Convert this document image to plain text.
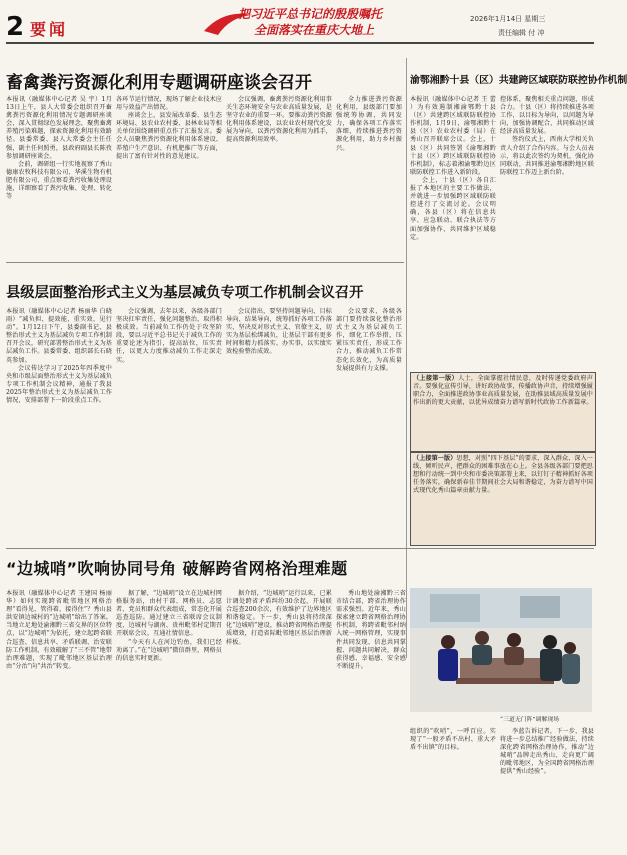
2 要闻
把习近平总书记的殷殷嘱托
全面落实在重庆大地上
2026年1月14日 星期三
责任编辑 付 冲
畜禽粪污资源化利用专题调研座谈会召开

本报讯（融媒体中心记者 吴 宇）1月13日上午，县人大常委会组织召开畜禽粪污资源化利用情况专题调研座谈会，深入贯彻绿色发展理念，聚焦畜禽养殖污染难题，探索资源化利用有效路径。县委常委、县人大常委会主任任强，副主任何照勇，县政府副县长陈孜参加调研座谈会。

会前，调研组一行实地视察了秀山德康农牧科技有限公司、华溪生物有机肥有限公司，重点察看粪污收集处理设施，详细察看了粪污收集、处理、转化等

各环节运行情况，现场了解企业技术应用与效益产出情况。

座谈会上，县发展改革委、县生态环境局、县农业农村委、县林业局等相关单位围绕调研重点作了汇报发言。委会人员聚焦粪污资源化利用体系建设、养殖户生产意识、有机肥推广等方面，提出了富有针对性的意见建议。

会议强调，畜禽粪污资源化利用事关生态环境安全与农业高质量发展，是坚守农业的重要一环。要推动粪污资源化利用体系建设，以农业农村现代化发展为导向，以粪污资源化利用为抓手，提高资源利用效率。

全力推进粪污资源化利用，县级部门要加强统筹协调，共同发力，确保各项工作落实落细，持续推进粪污资源化利用，助力乡村振兴。

渝鄂湘黔十县（区）共建跨区域联防联控协作机制

本报讯（融媒体中心记者 王 蕾 ）为有效遏制湘渝鄂黔十县（区）共建跨区域联防联控协作机制，1月9日，渝鄂湘黔十县（区）农业农村委（局）在秀山召开联席会议。会上，十县（区）共同签署《渝鄂湘黔十县（区）跨区域联防联控协作机制》，标志着湘渝鄂黔边区联防联控工作进入新阶段。

会上，十县（区）各自汇报了本地区的主要工作做法，并就进一步加强跨区域联防联控进行了交流讨论。会议明确，各县（区）将在信息共享、应急联动、联合执法等方面加强协作，共同维护区域稳定。

控体系，聚焦相关重点问题，形成合力。十县（区）将持续推进各项工作，以目标为导向，以问题为导向，加强协调配合，共同推动区域经济高质量发展。

签约仪式上，西南大学相关负责人介绍了合作内容。与会人员表示，将以此次签约为契机，强化协同联动，共同推进渝鄂湘黔地区联防联控工作迈上新台阶。

县级层面整治形式主义为基层减负专项工作机制会议召开

本报讯（融媒体中心记者 杨丽华 白晓雨）“减负担、提效能，重实效，见行动”。1月12日下午，县委副书记、县整治形式主义为基层减负专项工作机制召开会议，研究部署整治形式主义为基层减负工作。县委常委、组织部长石晓英参加。

会议传达学习了2025年四季度中央和市级层面整治形式主义为基层减负专项工作机制会议精神，通报了我县2025年整治形式主义为基层减负工作情况，安排部署下一阶段重点工作。

会议强调，去年以来，各级各部门坚决扛牢责任，强化问题整治，取得积极成效。当前减负工作仍处于攻坚阶段，要以习近平总书记关于减负工作的重要论述为指引，提高站位，压实责任，以更大力度推动减负工作走深走实。

会议指出，要坚持问题导向、目标导向、结果导向，统筹抓好各项工作落实，坚决反对形式主义、官僚主义，切实为基层松绑减负，让基层干部有更多时间和精力抓落实、办实事，以实绩实效检验整治成效。

会议要求，各级各部门要持续深化整治形式主义为基层减负工作，细化工作举措，压紧压实责任，形成工作合力，推动减负工作常态化长效化，为高质量发展提供有力支撑。

（上接第一版）人士，全面掌握社情民意，及时传递党委政府声音。要强化宣传引导，讲好政协故事，传播政协声音，持续增强履职合力，全面推进政协事业高质量发展，在助推县域高质量发展中作出新的更大贡献，以优异成绩奋力谱写新时代政协工作新篇章。

（上接第一版）思想，对照“四下基层”的要求，深入群众、深入一线，倾听民声，把群众的困难事放在心上。全县各级各部门要把思想和行动统一到中央和市委决策部署上来，以钉钉子精神抓好各项任务落实，确保新春佳节期间社会大局和谐稳定，为奋力谱写中国式现代化秀山篇章贡献力量。

“边城哨”吹响协同号角 破解跨省网格治理难题

本报讯（融媒体中心记者 王建国 杨丽华）如何实现跨省毗邻地区网格治理“看得见、管得着、接得住”？秀山县洪安镇边城村的“边城哨”给出了答案。当地立足地处渝湘黔三省交界的区位特点，以“边城哨”为依托，建立起跨省联合巡查、信息共享、矛盾联调、治安联防工作机制，有效破解了“三不管”地带治理难题，实现了毗邻地区基层治理由“分治”向“共治”转变。

据了解，“边城哨”设立在边城村网格服务站，由村干部、网格员、志愿者、党员和群众代表组成，常态化开展巡查巡防。通过建立三省联席会议制度，边城村与湖南、贵州毗邻村定期召开联席会议，互通社情信息。

“今天有人在河边钓鱼，我们已经劝离了。”在“边城哨”微信群里，网格员的信息实时更新。

据介绍，“边城哨”运行以来，已累计调处跨省矛盾纠纷30余起，开展联合巡查200余次，有效维护了边界地区和谐稳定。下一步，秀山县将持续深化“边城哨”建设，推动跨省网格治理提质增效，打造省际毗邻地区基层治理新样板。

秀山地处渝湘黔三省市结合部，跨省治理协作需求强烈。近年来，秀山探索建立跨省网格治理协作机制，将跨省毗邻村纳入统一网格管理，实现事件共同发现、信息共同掌握、问题共同解决，群众获得感、幸福感、安全感不断提升。

“三道无门阵”调解现场

组织的“吹哨”，一呼百应。实现了“一般矛盾不出村、重大矛盾不出镇”的目标。

李蓝告诉记者，下一步，我县将进一步总结推广经验做法，持续深化跨省网格治理协作，推动“边城哨”品牌走出秀山、走向更广阔的毗邻地区，为全国跨省网格治理提供“秀山经验”。
